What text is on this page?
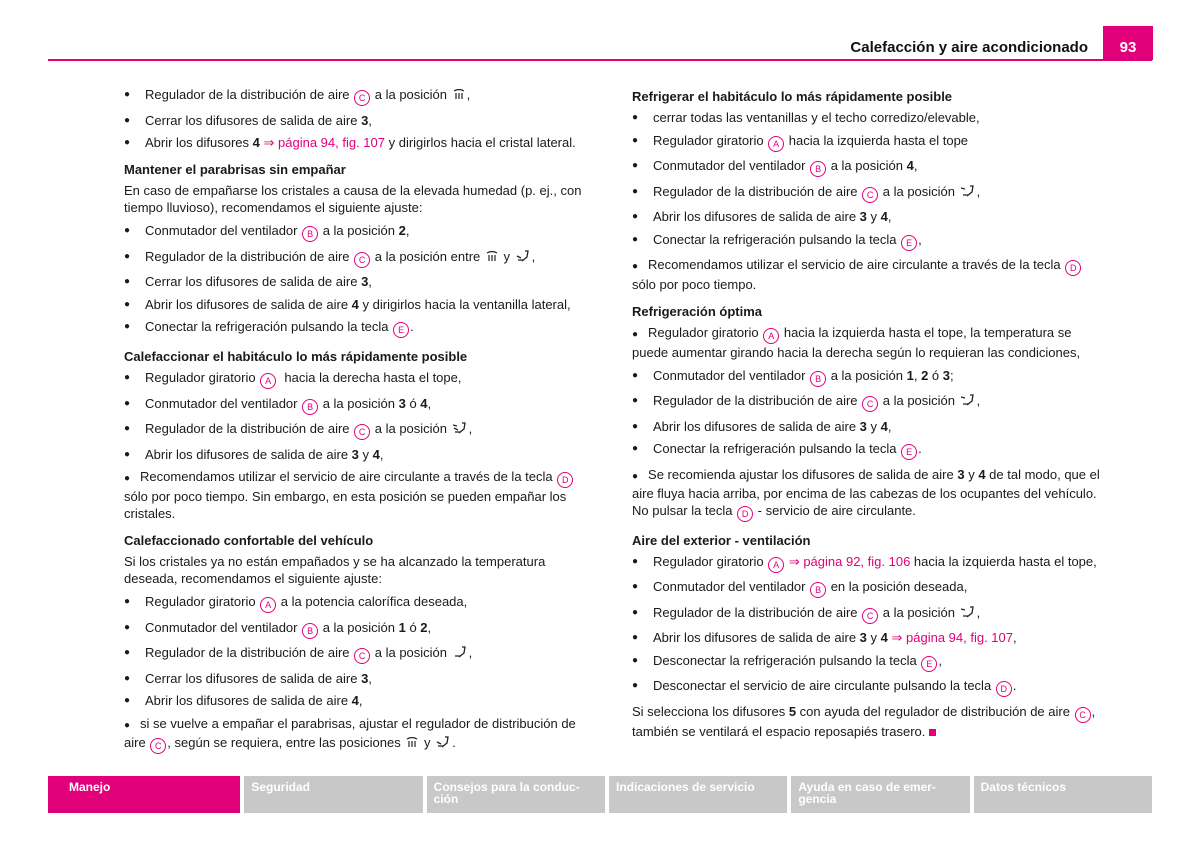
Calefacción y aire acondicionado	93
● Regulador de la distribución de aire C a la posición ,
● Cerrar los difusores de salida de aire 3,
● Abrir los difusores 4 ⇒ página 94, fig. 107 y dirigirlos hacia el cristal lateral.
Mantener el parabrisas sin empañar

En caso de empañarse los cristales a causa de la elevada humedad (p. ej., con tiempo lluvioso), recomendamos el siguiente ajuste:

● Conmutador del ventilador B a la posición 2,
● Regulador de la distribución de aire C a la posición entre  y ,
● Cerrar los difusores de salida de aire 3,
● Abrir los difusores de salida de aire 4 y dirigirlos hacia la ventanilla lateral,
● Conectar la refrigeración pulsando la tecla E .
Calefaccionar el habitáculo lo más rápidamente posible
● Regulador giratorio A  hacia la derecha hasta el tope,
● Conmutador del ventilador B a la posición 3 ó 4,
● Regulador de la distribución de aire C a la posición ,
● Abrir los difusores de salida de aire 3 y 4,
● Recomendamos utilizar el servicio de aire circulante a través de la tecla D sólo por poco tiempo. Sin embargo, en esta posición se pueden empañar los cristales.
Calefaccionado confortable del vehículo

Si los cristales ya no están empañados y se ha alcanzado la temperatura deseada, recomendamos el siguiente ajuste:

● Regulador giratorio A a la potencia calorífica deseada,
● Conmutador del ventilador B a la posición 1 ó 2,
● Regulador de la distribución de aire C a la posición ,
● Cerrar los difusores de salida de aire 3,
● Abrir los difusores de salida de aire 4,
● si se vuelve a empañar el parabrisas, ajustar el regulador de distribución de aire C , según se requiera, entre las posiciones  y .
Refrigerar el habitáculo lo más rápidamente posible
● cerrar todas las ventanillas y el techo corredizo/elevable,
● Regulador giratorio A hacia la izquierda hasta el tope
● Conmutador del ventilador B a la posición 4,
● Regulador de la distribución de aire C a la posición ,
● Abrir los difusores de salida de aire 3 y 4,
● Conectar la refrigeración pulsando la tecla E ,
● Recomendamos utilizar el servicio de aire circulante a través de la tecla D sólo por poco tiempo.
Refrigeración óptima
● Regulador giratorio A hacia la izquierda hasta el tope, la temperatura se puede aumentar girando hacia la derecha según lo requieran las condiciones,
● Conmutador del ventilador B a la posición 1, 2 ó 3;
● Regulador de la distribución de aire C a la posición ,
● Abrir los difusores de salida de aire 3 y 4,
● Conectar la refrigeración pulsando la tecla E .
● Se recomienda ajustar los difusores de salida de aire 3 y 4 de tal modo, que el aire fluya hacia arriba, por encima de las cabezas de los ocupantes del vehículo. No pulsar la tecla D - servicio de aire circulante.
Aire del exterior - ventilación
● Regulador giratorio A ⇒ página 92, fig. 106 hacia la izquierda hasta el tope,
● Conmutador del ventilador B en la posición deseada,
● Regulador de la distribución de aire C a la posición ,
● Abrir los difusores de salida de aire 3 y 4 ⇒ página 94, fig. 107,
● Desconectar la refrigeración pulsando la tecla E ,
● Desconectar el servicio de aire circulante pulsando la tecla D .

Si selecciona los difusores 5 con ayuda del regulador de distribución de aire C , también se ventilará el espacio reposapiés trasero.

Manejo	Seguridad	Consejos para la conduc- ción
Indicaciones de servicio	Ayuda en caso de emer- gencia
Datos técnicos
